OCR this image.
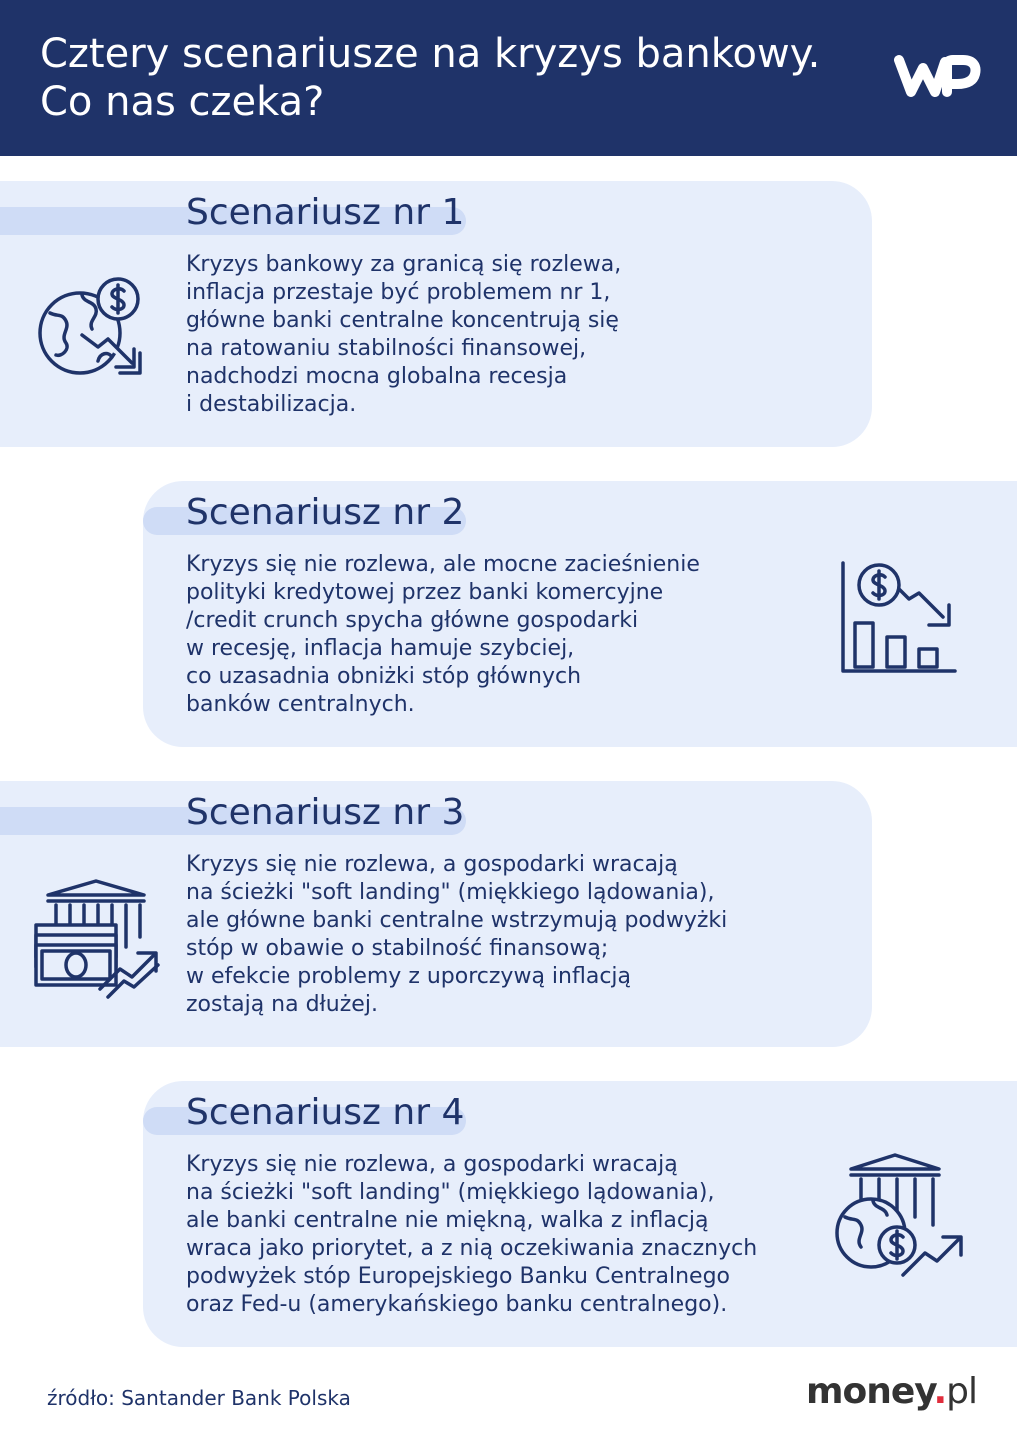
Cztery scenariusze na kryzys bankowy.
Co nas czeka?
Scenariusz nr 1
Kryzys bankowy za granicą się rozlewa,
inflacja przestaje być problemem nr 1,
główne banki centralne koncentrują się
na ratowaniu stabilności finansowej,
nadchodzi mocna globalna recesja
i destabilizacja.
Scenariusz nr 2
Kryzys się nie rozlewa, ale mocne zacieśnienie
polityki kredytowej przez banki komercyjne
/credit crunch spycha główne gospodarki
w recesję, inflacja hamuje szybciej,
co uzasadnia obniżki stóp głównych
banków centralnych.
Scenariusz nr 3
Kryzys się nie rozlewa, a gospodarki wracają
na ścieżki "soft landing" (miękkiego lądowania),
ale główne banki centralne wstrzymują podwyżki
stóp w obawie o stabilność finansową;
w efekcie problemy z uporczywą inflacją
zostają na dłużej.
Scenariusz nr 4
Kryzys się nie rozlewa, a gospodarki wracają
na ścieżki "soft landing" (miękkiego lądowania),
ale banki centralne nie miękną, walka z inflacją
wraca jako priorytet, a z nią oczekiwania znacznych
podwyżek stóp Europejskiego Banku Centralnego
oraz Fed-u (amerykańskiego banku centralnego).
źródło: Santander Bank Polska	money.pl
